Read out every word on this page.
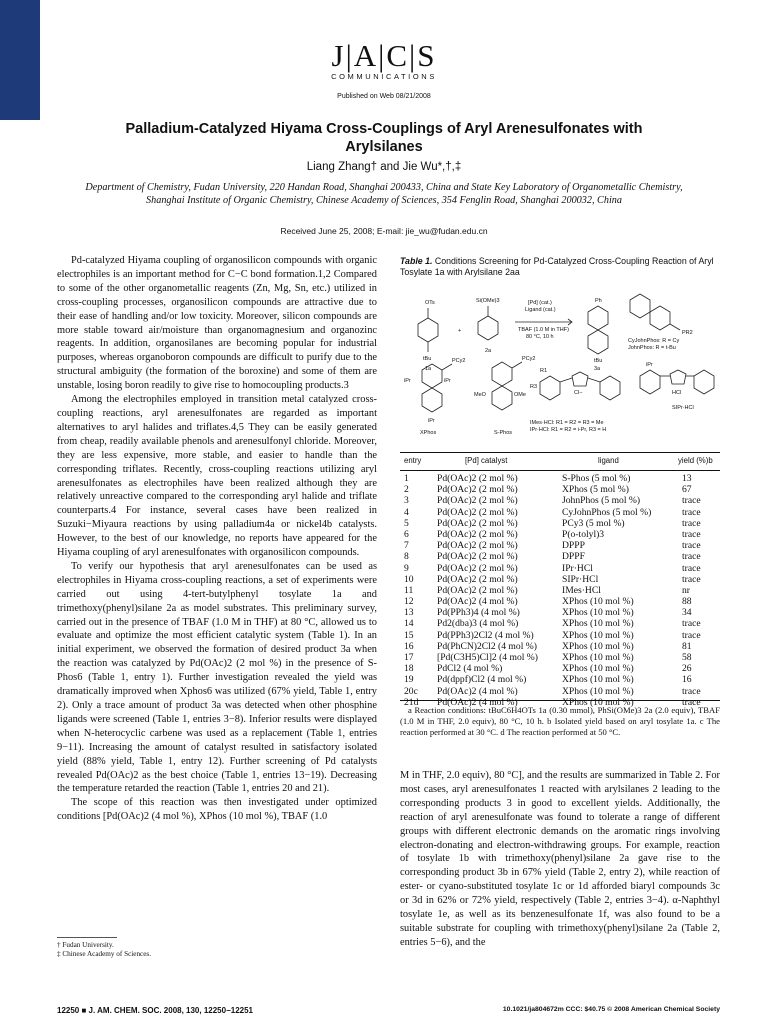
J|A|C|S
COMMUNICATIONS
Published on Web 08/21/2008
Palladium-Catalyzed Hiyama Cross-Couplings of Aryl Arenesulfonates with Arylsilanes
Liang Zhang† and Jie Wu*,†,‡
Department of Chemistry, Fudan University, 220 Handan Road, Shanghai 200433, China and State Key Laboratory of Organometallic Chemistry, Shanghai Institute of Organic Chemistry, Chinese Academy of Sciences, 354 Fenglin Road, Shanghai 200032, China
Received June 25, 2008; E-mail: jie_wu@fudan.edu.cn

Pd-catalyzed Hiyama coupling of organosilicon compounds with organic electrophiles is an important method for C−C bond formation.1,2 Compared to some of the other organometallic reagents (Zn, Mg, Sn, etc.) utilized in cross-coupling processes, organosilicon compounds are attractive due to their ease of handling and/or low toxicity. Moreover, silicon compounds are more stable toward air/moisture than organomagnesium and organozinc reagents. In addition, organosilanes are becoming popular for industrial purposes, whereas organoboron compounds are difficult to purify due to the structural ambiguity (the formation of the boroxine) and some of them are unstable, losing boron readily to give rise to homocoupling products.3

Among the electrophiles employed in transition metal catalyzed cross-coupling reactions, aryl arenesulfonates are regarded as important alternatives to aryl halides and triflates.4,5 They can be easily generated from cheap, readily available phenols and arenesulfonyl chloride. Moreover, they are less expensive, more stable, and easier to handle than the corresponding triflates. Recently, cross-coupling reactions utilizing aryl arenesulfonates as electrophiles have been realized although they are relatively unreactive compared to the corresponding aryl halide and triflate counterparts.4 For instance, several cases have been realized in Suzuki−Miyaura reactions by using palladium4a or nickel4b catalysts. However, to the best of our knowledge, no reports have appeared for the Hiyama coupling of aryl arenesulfonates with organosilicon compounds.

To verify our hypothesis that aryl arenesulfonates can be used as electrophiles in Hiyama cross-coupling reactions, a set of experiments were carried out using 4-tert-butylphenyl tosylate 1a and trimethoxy(phenyl)silane 2a as model substrates. This preliminary survey, carried out in the presence of TBAF (1.0 M in THF) at 80 °C, allowed us to evaluate and optimize the most efficient catalytic system (Table 1). In an initial experiment, we observed the formation of desired product 3a when the reaction was catalyzed by Pd(OAc)2 (2 mol %) in the presence of S-Phos6 (Table 1, entry 1). Further investigation revealed the yield was dramatically improved when Xphos6 was utilized (67% yield, Table 1, entry 2). Only a trace amount of product 3a was detected when other phosphine ligands were screened (Table 1, entries 3−8). Inferior results were displayed when N-heterocyclic carbene was used as a replacement (Table 1, entries 9−11). Increasing the amount of catalyst resulted in satisfactory isolated yield (88% yield, Table 1, entry 12). Further screening of Pd catalysts revealed Pd(OAc)2 as the best choice (Table 1, entries 13−19). Decreasing the temperature retarded the reaction (Table 1, entries 20 and 21).

The scope of this reaction was then investigated under optimized conditions [Pd(OAc)2 (4 mol %), XPhos (10 mol %), TBAF (1.0

† Fudan University.
‡ Chinese Academy of Sciences.
Table 1. Conditions Screening for Pd-Catalyzed Cross-Coupling Reaction of Aryl Tosylate 1a with Arylsilane 2aa
OTs
tBu
1a
+
Si(OMe)3
2a
[Pd] (cat.)
Ligand (cat.)
TBAF (1.0 M in THF)
80 °C, 10 h
Ph
tBu
3a
PR2
CyJohnPhos: R = Cy
JohnPhos: R = t-Bu
PCy2
iPr	iPr
iPr
PCy2
MeO	OMe
R1
R3
Cl−
IMes·HCl: R1 = R2 = R3 = Me
IPr·HCl: R1 = R2 = i-Pr, R3 = H
iPr
HCl
XPhos	S-Phos
SIPr·HCl
entry	[Pd] catalyst	ligand	yield (%)b
1	Pd(OAc)2 (2 mol %)	S-Phos (5 mol %)	13
2	Pd(OAc)2 (2 mol %)	XPhos (5 mol %)	67
3	Pd(OAc)2 (2 mol %)	JohnPhos (5 mol %)	trace
4	Pd(OAc)2 (2 mol %)	CyJohnPhos (5 mol %)	trace
5	Pd(OAc)2 (2 mol %)	PCy3 (5 mol %)	trace
6	Pd(OAc)2 (2 mol %)	P(o-tolyl)3	trace
7	Pd(OAc)2 (2 mol %)	DPPP	trace
8	Pd(OAc)2 (2 mol %)	DPPF	trace
9	Pd(OAc)2 (2 mol %)	IPr·HCl	trace
10 Pd(OAc)2 (2 mol %)	SIPr·HCl	trace
11 Pd(OAc)2 (2 mol %)	IMes·HCl	nr
12 Pd(OAc)2 (4 mol %)	XPhos (10 mol %)	88
13 Pd(PPh3)4 (4 mol %)	XPhos (10 mol %)	34
14 Pd2(dba)3 (4 mol %)	XPhos (10 mol %)	trace
15 Pd(PPh3)2Cl2 (4 mol %)	XPhos (10 mol %)	trace
16 Pd(PhCN)2Cl2 (4 mol %)	XPhos (10 mol %)	81
17 [Pd(C3H5)Cl]2 (4 mol %)	XPhos (10 mol %)	58
18 PdCl2 (4 mol %)	XPhos (10 mol %)	26
19 Pd(dppf)Cl2 (4 mol %)	XPhos (10 mol %)	16
20c Pd(OAc)2 (4 mol %)	XPhos (10 mol %)	trace
21d Pd(OAc)2 (4 mol %)	XPhos (10 mol %)	trace
a Reaction conditions: tBuC6H4OTs 1a (0.30 mmol), PhSi(OMe)3 2a (2.0 equiv), TBAF (1.0 M in THF, 2.0 equiv), 80 °C, 10 h. b Isolated yield based on aryl tosylate 1a. c The reaction performed at 30 °C. d The reaction performed at 50 °C.

M in THF, 2.0 equiv), 80 °C], and the results are summarized in Table 2. For most cases, aryl arenesulfonates 1 reacted with arylsilanes 2 leading to the corresponding products 3 in good to excellent yields. Additionally, the reaction of aryl arenesulfonate was found to tolerate a range of different groups with different electronic demands on the aromatic rings involving electron-donating and electron-withdrawing groups. For example, reaction of tosylate 1b with trimethoxy(phenyl)silane 2a gave rise to the corresponding product 3b in 67% yield (Table 2, entry 2), while reaction of ester- or cyano-substituted tosylate 1c or 1d afforded biaryl compounds 3c or 3d in 62% or 72% yield, respectively (Table 2, entries 3−4). α-Naphthyl tosylate 1e, as well as its benzenesulfonate 1f, was also found to be a suitable substrate for coupling with trimethoxy(phenyl)silane 2a (Table 2, entries 5−6), and the

12250 ■ J. AM. CHEM. SOC. 2008, 130, 12250−12251	10.1021/ja804672m CCC: $40.75 © 2008 American Chemical Society
